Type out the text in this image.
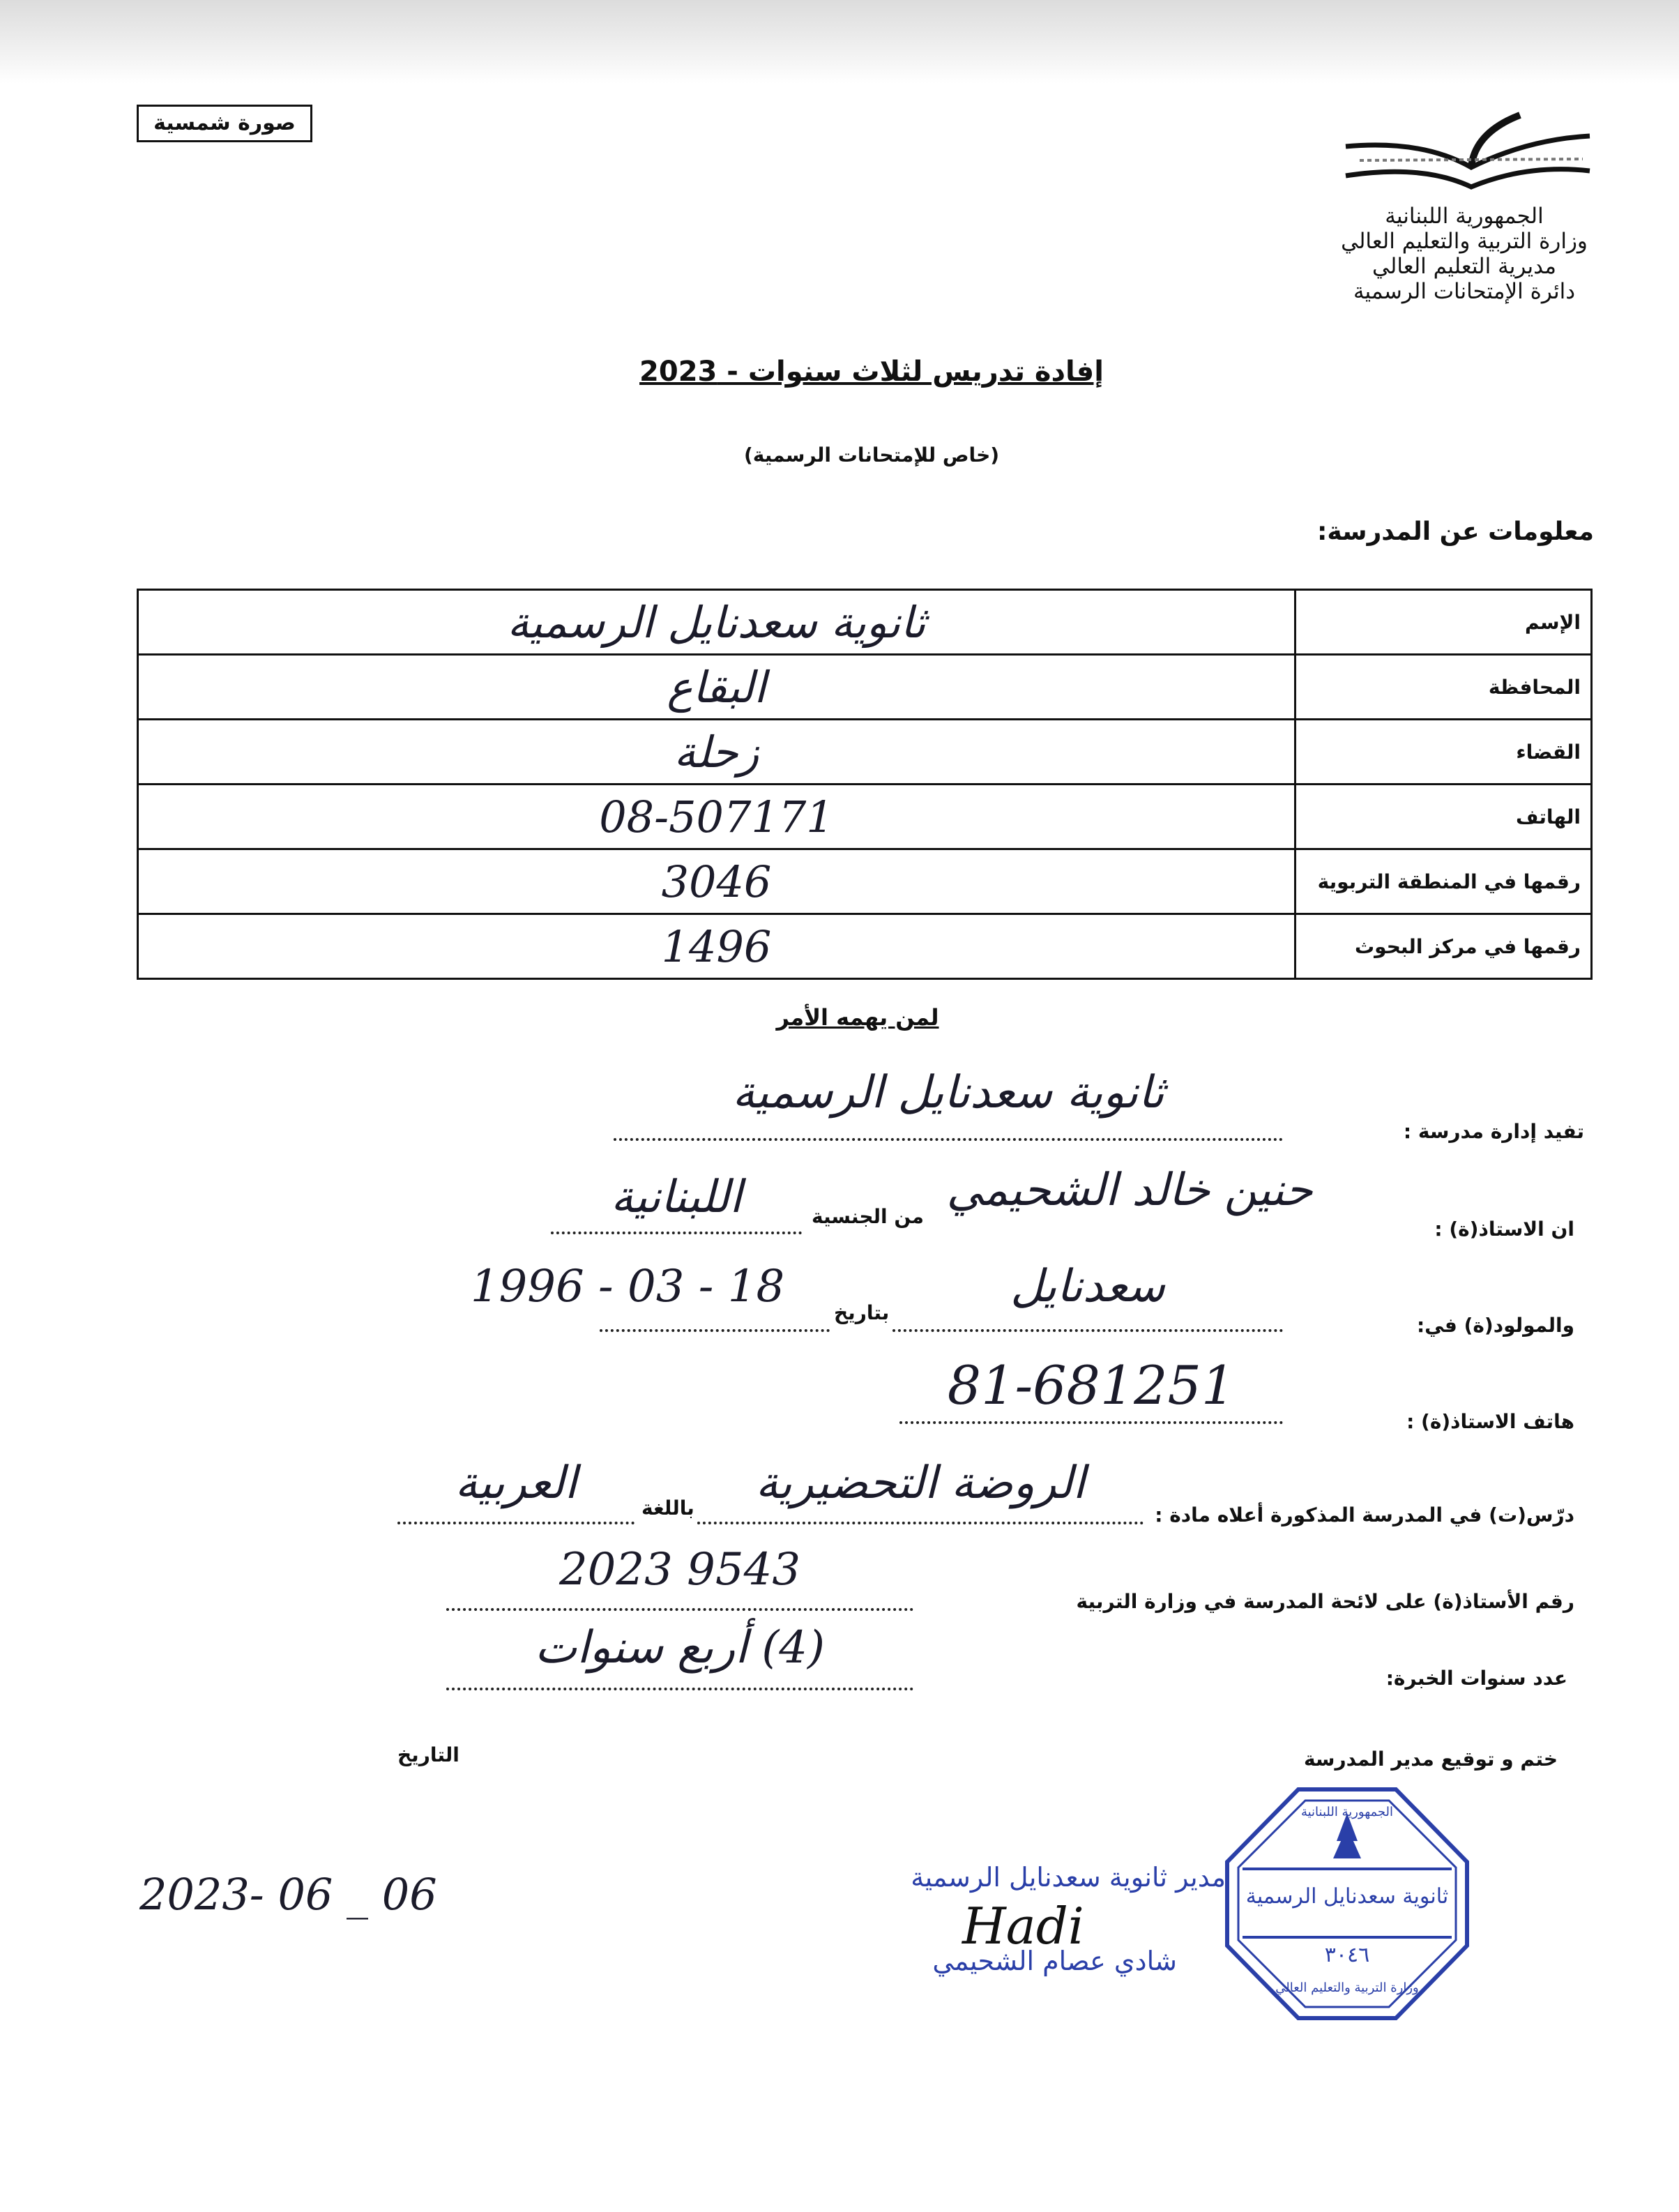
صورة شمسية
الجمهورية اللبنانية
وزارة التربية والتعليم العالي
مديرية التعليم العالي
دائرة الإمتحانات الرسمية
إفادة تدريس لثلاث سنوات - 2023
(خاص للإمتحانات الرسمية)
معلومات عن المدرسة:
ثانوية سعدنايل الرسمية	الإسم
البقاع	المحافظة
زحلة	القضاء
08-507171	الهاتف
3046	رقمها في المنطقة التربوية
1496	رقمها في مركز البحوث
لمن يهمه الأمر
تفيد إدارة مدرسة :
ثانوية سعدنايل الرسمية
ان الاستاذ(ة) :
حنين خالد الشحيمي
من الجنسية
اللبنانية
والمولود(ة) في:
سعدنايل
بتاريخ
1996 - 03 - 18
هاتف الاستاذ(ة) :
81-681251
درّس(ت) في المدرسة المذكورة أعلاه مادة :
الروضة التحضيرية
باللغة
العربية
رقم الأستاذ(ة) على لائحة المدرسة في وزارة التربية
2023 9543
عدد سنوات الخبرة:
(4) أربع سنوات
ختم و توقيع مدير المدرسة
التاريخ
2023- 06 _ 06	مدير ثانوية سعدنايل الرسمية
Hadi
شادي عصام الشحيمي
ثانوية سعدنايل الرسمية
٣٠٤٦
الجمهورية اللبنانية
وزارة التربية والتعليم العالي
